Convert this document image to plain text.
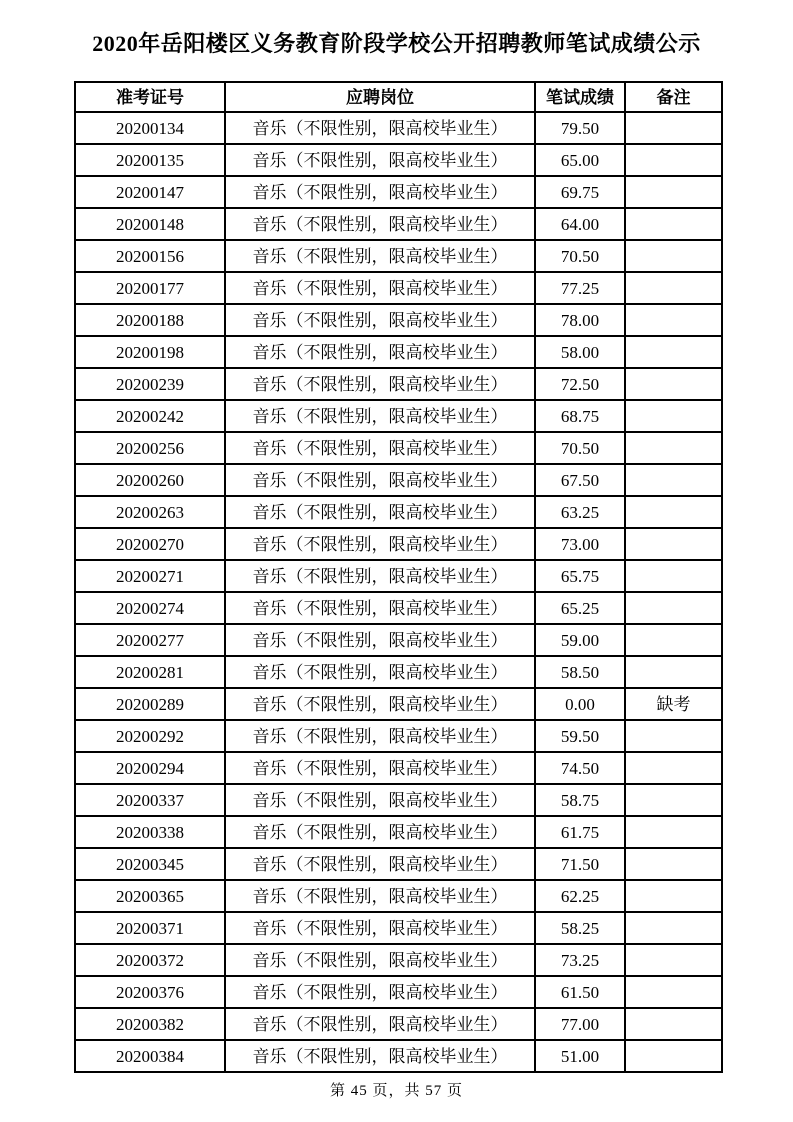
2020年岳阳楼区义务教育阶段学校公开招聘教师笔试成绩公示
准考证号	应聘岗位	笔试成绩	备注
20200134	音乐（不限性别，限高校毕业生）	79.50	
20200135	音乐（不限性别，限高校毕业生）	65.00	
20200147	音乐（不限性别，限高校毕业生）	69.75	
20200148	音乐（不限性别，限高校毕业生）	64.00	
20200156	音乐（不限性别，限高校毕业生）	70.50	
20200177	音乐（不限性别，限高校毕业生）	77.25	
20200188	音乐（不限性别，限高校毕业生）	78.00	
20200198	音乐（不限性别，限高校毕业生）	58.00	
20200239	音乐（不限性别，限高校毕业生）	72.50	
20200242	音乐（不限性别，限高校毕业生）	68.75	
20200256	音乐（不限性别，限高校毕业生）	70.50	
20200260	音乐（不限性别，限高校毕业生）	67.50	
20200263	音乐（不限性别，限高校毕业生）	63.25	
20200270	音乐（不限性别，限高校毕业生）	73.00	
20200271	音乐（不限性别，限高校毕业生）	65.75	
20200274	音乐（不限性别，限高校毕业生）	65.25	
20200277	音乐（不限性别，限高校毕业生）	59.00	
20200281	音乐（不限性别，限高校毕业生）	58.50	
20200289	音乐（不限性别，限高校毕业生）	0.00	缺考
20200292	音乐（不限性别，限高校毕业生）	59.50	
20200294	音乐（不限性别，限高校毕业生）	74.50	
20200337	音乐（不限性别，限高校毕业生）	58.75	
20200338	音乐（不限性别，限高校毕业生）	61.75	
20200345	音乐（不限性别，限高校毕业生）	71.50	
20200365	音乐（不限性别，限高校毕业生）	62.25	
20200371	音乐（不限性别，限高校毕业生）	58.25	
20200372	音乐（不限性别，限高校毕业生）	73.25	
20200376	音乐（不限性别，限高校毕业生）	61.50	
20200382	音乐（不限性别，限高校毕业生）	77.00	
20200384	音乐（不限性别，限高校毕业生）	51.00	
第 45 页，共 57 页
